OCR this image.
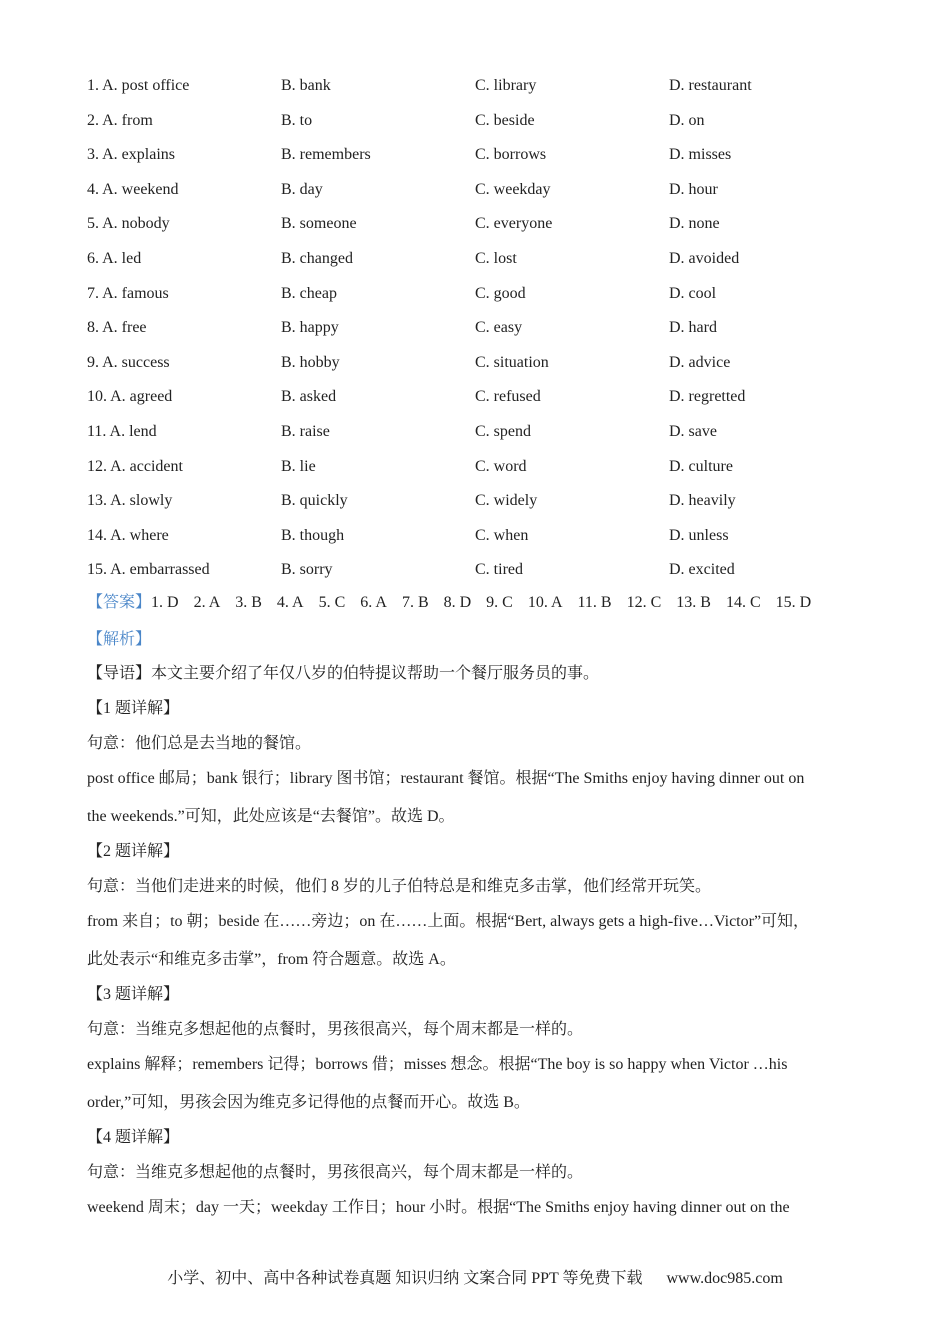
1. A. post office	B. bank	C. library	D. restaurant
2. A. from	B. to	C. beside	D. on
3. A. explains	B. remembers	C. borrows	D. misses
4. A. weekend	B. day	C. weekday	D. hour
5. A. nobody	B. someone	C. everyone	D. none
6. A. led	B. changed	C. lost	D. avoided
7. A. famous	B. cheap	C. good	D. cool
8. A. free	B. happy	C. easy	D. hard
9. A. success	B. hobby	C. situation	D. advice
10. A. agreed	B. asked	C. refused	D. regretted
11. A. lend	B. raise	C. spend	D. save
12. A. accident	B. lie	C. word	D. culture
13. A. slowly	B. quickly	C. widely	D. heavily
14. A. where	B. though	C. when	D. unless
15. A. embarrassed	B. sorry	C. tired	D. excited
【答案】1. D 2. A 3. B 4. A 5. C 6. A 7. B 8. D 9. C 10. A 11. B 12. C 13. B 14. C 15. D
【解析】

【导语】本文主要介绍了年仅八岁的伯特提议帮助一个餐厅服务员的事。

【1 题详解】

句意：他们总是去当地的餐馆。

post office 邮局；bank 银行；library 图书馆；restaurant 餐馆。根据“The Smiths enjoy having dinner out on

the weekends.”可知，此处应该是“去餐馆”。故选 D。

【2 题详解】

句意：当他们走进来的时候，他们 8 岁的儿子伯特总是和维克多击掌，他们经常开玩笑。

from 来自；to 朝；beside 在……旁边；on 在……上面。根据“Bert, always gets a high-five…Victor”可知，

此处表示“和维克多击掌”，from 符合题意。故选 A。

【3 题详解】

句意：当维克多想起他的点餐时，男孩很高兴，每个周末都是一样的。

explains 解释；remembers 记得；borrows 借；misses 想念。根据“The boy is so happy when Victor …his

order,”可知，男孩会因为维克多记得他的点餐而开心。故选 B。

【4 题详解】

句意：当维克多想起他的点餐时，男孩很高兴，每个周末都是一样的。

weekend 周末；day 一天；weekday 工作日；hour 小时。根据“The Smiths enjoy having dinner out on the

小学、初中、高中各种试卷真题 知识归纳 文案合同 PPT 等免费下载 www.doc985.com
